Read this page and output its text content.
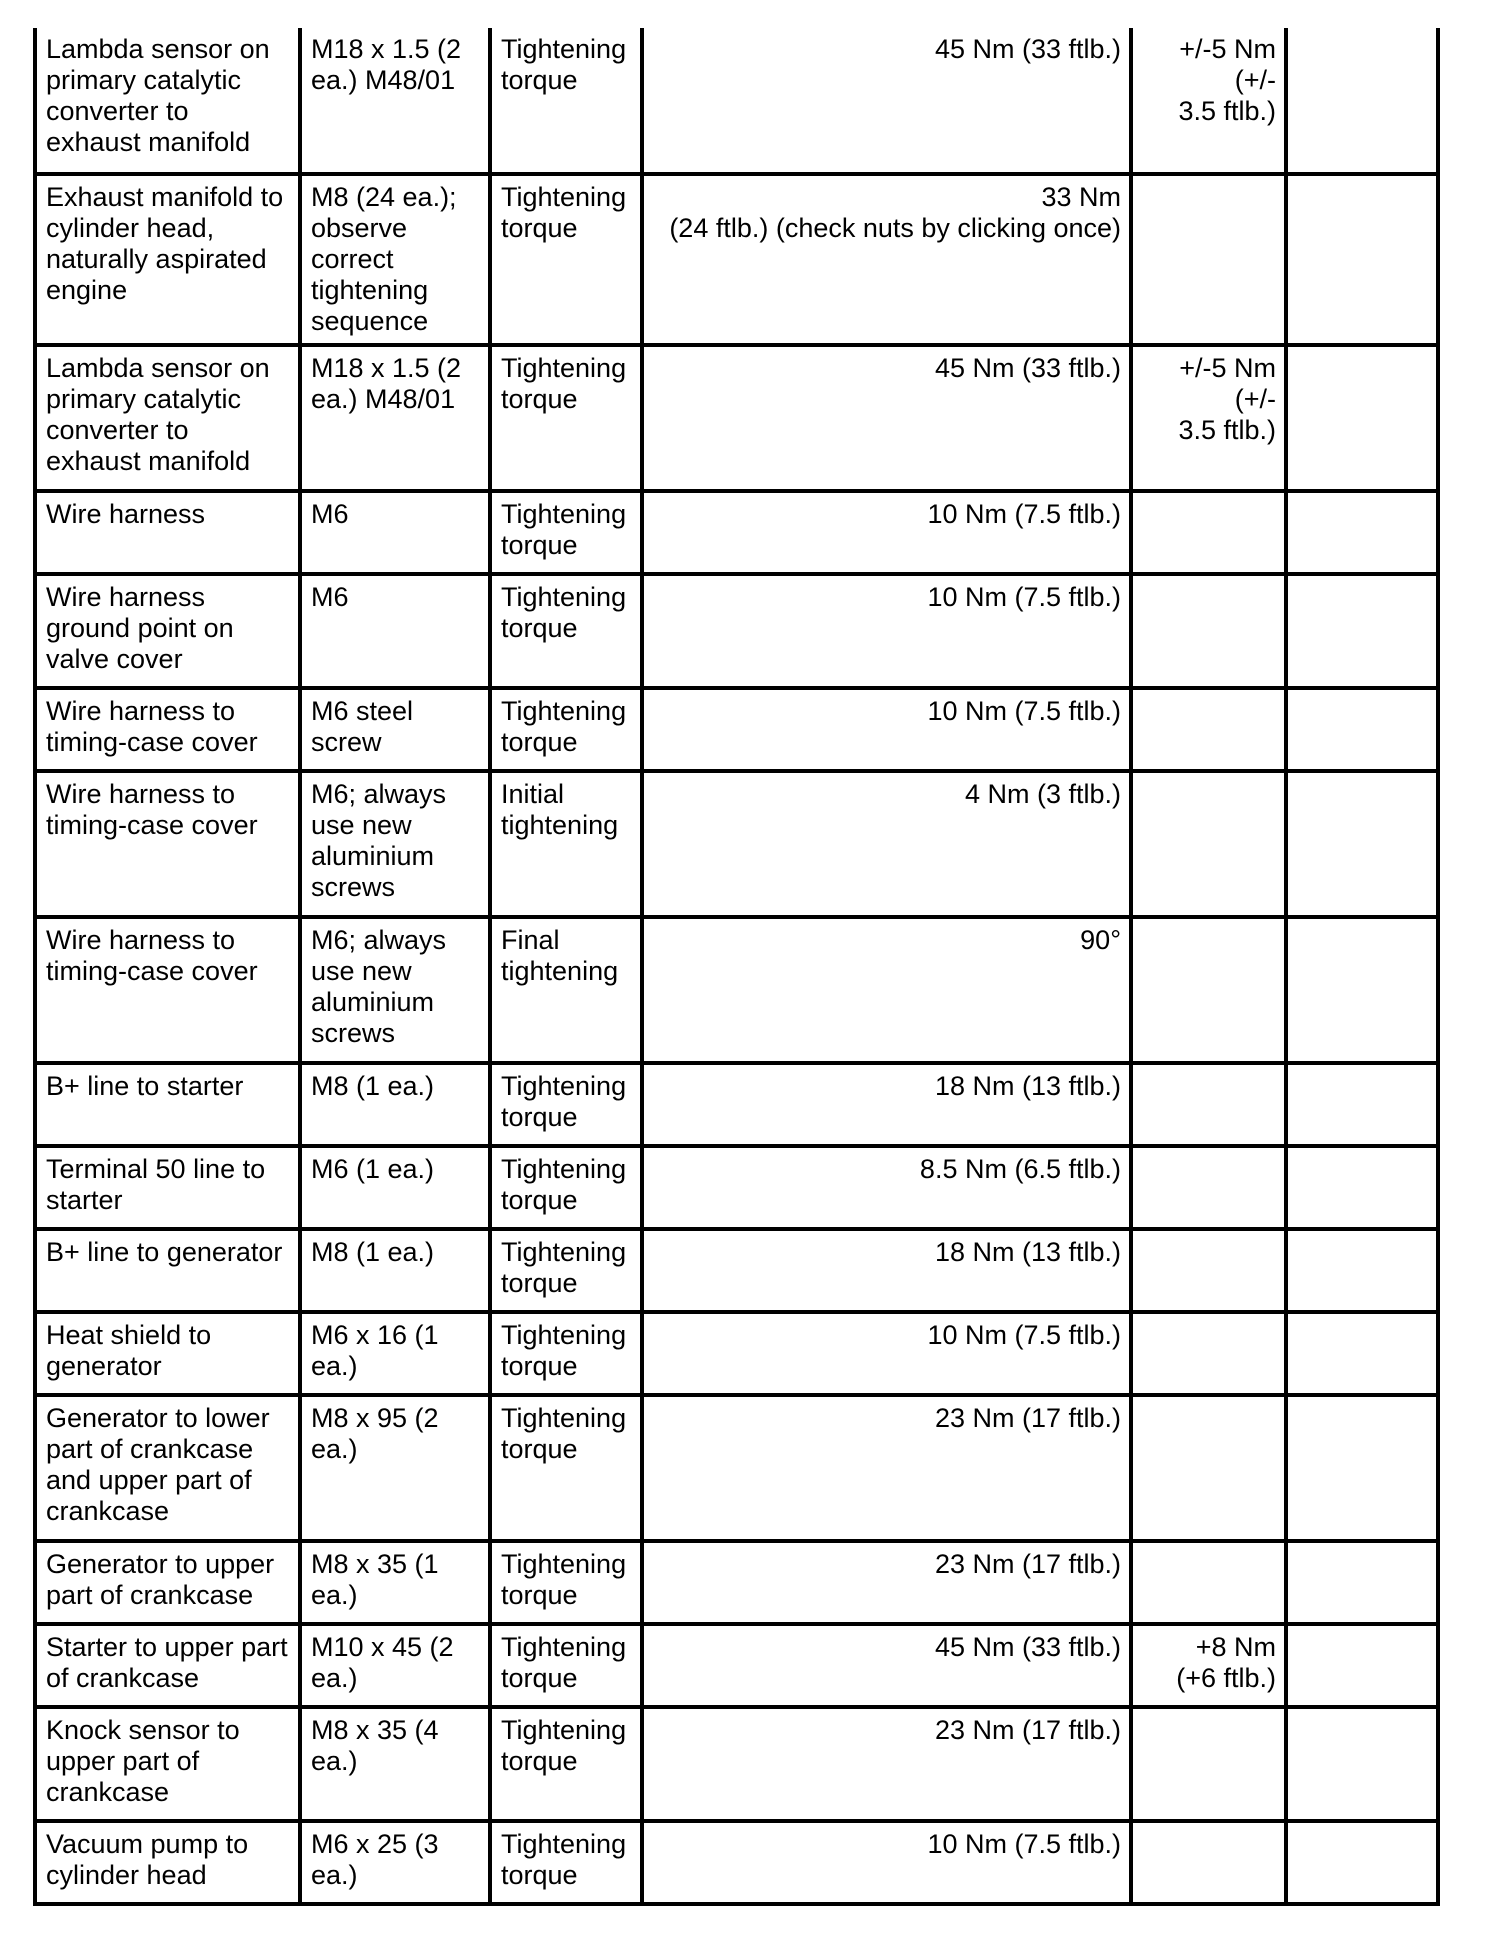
Lambda sensor on primary catalytic converter to exhaust manifold	M18 x 1.5 (2 ea.) M48/01	Tightening torque	45 Nm (33 ftlb.)	+/-5 Nm
(+/-
3.5 ftlb.)	
Exhaust manifold to cylinder head, naturally aspirated engine	M8 (24 ea.); observe correct tightening sequence	Tightening torque	33 Nm
(24 ftlb.) (check nuts by clicking once)		
Lambda sensor on primary catalytic converter to exhaust manifold	M18 x 1.5 (2 ea.) M48/01	Tightening torque	45 Nm (33 ftlb.)	+/-5 Nm
(+/-
3.5 ftlb.)	
Wire harness	M6	Tightening torque	10 Nm (7.5 ftlb.)		
Wire harness ground point on valve cover	M6	Tightening torque	10 Nm (7.5 ftlb.)		
Wire harness to timing-case cover	M6 steel screw	Tightening torque	10 Nm (7.5 ftlb.)		
Wire harness to timing-case cover	M6; always use new aluminium screws	Initial tightening	4 Nm (3 ftlb.)		
Wire harness to timing-case cover	M6; always use new aluminium screws	Final tightening	90°		
B+ line to starter	M8 (1 ea.)	Tightening torque	18 Nm (13 ftlb.)		
Terminal 50 line to starter	M6 (1 ea.)	Tightening torque	8.5 Nm (6.5 ftlb.)		
B+ line to generator	M8 (1 ea.)	Tightening torque	18 Nm (13 ftlb.)		
Heat shield to generator	M6 x 16 (1 ea.)	Tightening torque	10 Nm (7.5 ftlb.)		
Generator to lower part of crankcase and upper part of crankcase	M8 x 95 (2 ea.)	Tightening torque	23 Nm (17 ftlb.)		
Generator to upper part of crankcase	M8 x 35 (1 ea.)	Tightening torque	23 Nm (17 ftlb.)		
Starter to upper part of crankcase	M10 x 45 (2 ea.)	Tightening torque	45 Nm (33 ftlb.)	+8 Nm
(+6 ftlb.)	
Knock sensor to upper part of crankcase	M8 x 35 (4 ea.)	Tightening torque	23 Nm (17 ftlb.)		
Vacuum pump to cylinder head	M6 x 25 (3 ea.)	Tightening torque	10 Nm (7.5 ftlb.)		
